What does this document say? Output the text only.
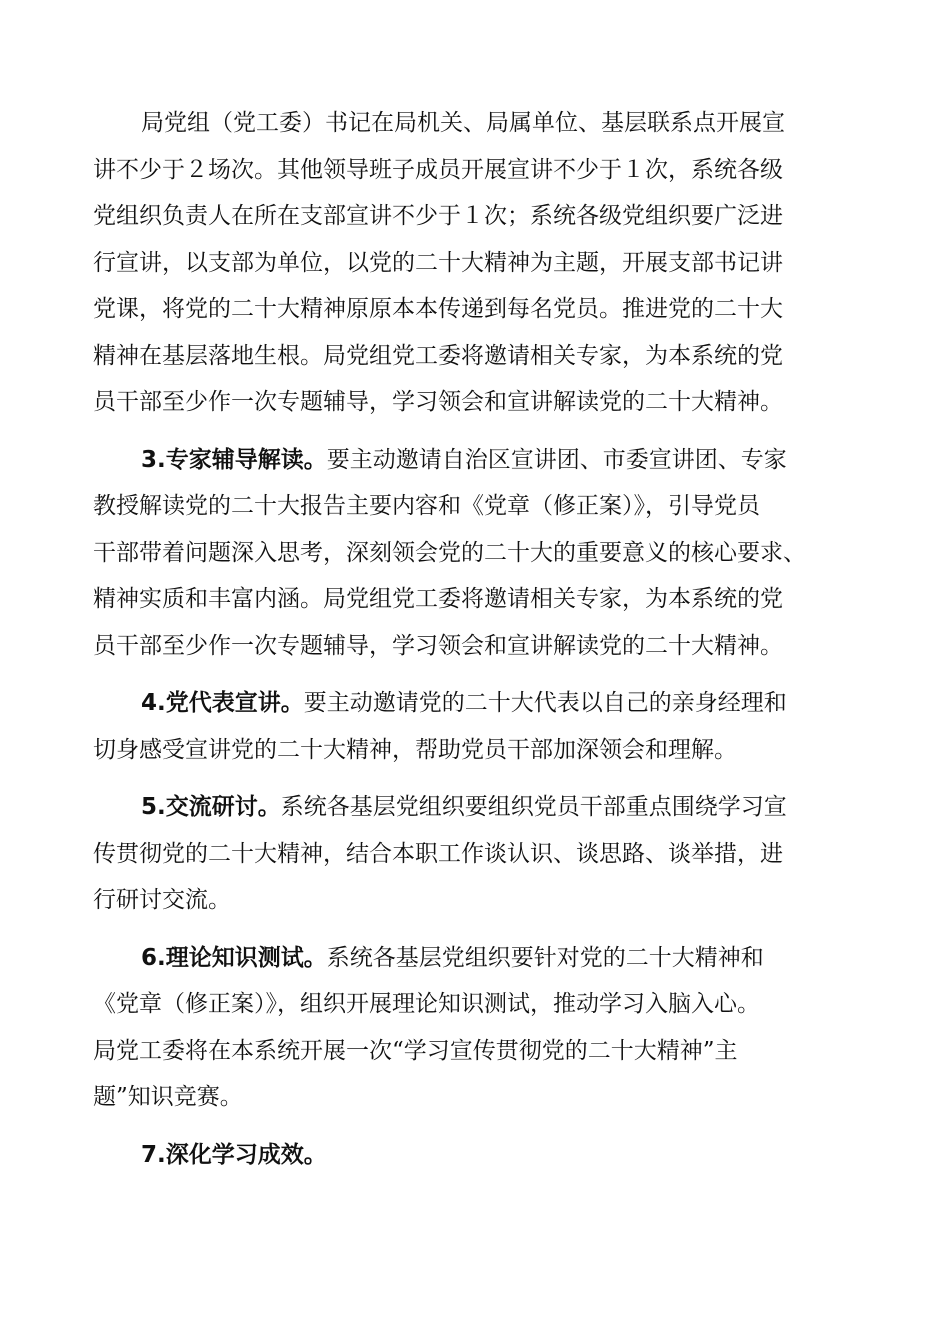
局党组（党工委）书记在局机关、局属单位、基层联系点开展宣
讲不少于２场次。其他领导班子成员开展宣讲不少于１次，系统各级
党组织负责人在所在支部宣讲不少于１次；系统各级党组织要广泛进
行宣讲，以支部为单位，以党的二十大精神为主题，开展支部书记讲
党课，将党的二十大精神原原本本传递到每名党员。推进党的二十大
精神在基层落地生根。局党组党工委将邀请相关专家，为本系统的党
员干部至少作一次专题辅导，学习领会和宣讲解读党的二十大精神。

3.专家辅导解读。要主动邀请自治区宣讲团、市委宣讲团、专家
教授解读党的二十大报告主要内容和《党章（修正案）》，引导党员
干部带着问题深入思考，深刻领会党的二十大的重要意义的核心要求、
精神实质和丰富内涵。局党组党工委将邀请相关专家，为本系统的党
员干部至少作一次专题辅导，学习领会和宣讲解读党的二十大精神。

4.党代表宣讲。要主动邀请党的二十大代表以自己的亲身经理和
切身感受宣讲党的二十大精神，帮助党员干部加深领会和理解。

5.交流研讨。系统各基层党组织要组织党员干部重点围绕学习宣
传贯彻党的二十大精神，结合本职工作谈认识、谈思路、谈举措，进
行研讨交流。

6.理论知识测试。系统各基层党组织要针对党的二十大精神和
《党章（修正案）》，组织开展理论知识测试，推动学习入脑入心。
局党工委将在本系统开展一次“学习宣传贯彻党的二十大精神”主
题”知识竞赛。

7.深化学习成效。
